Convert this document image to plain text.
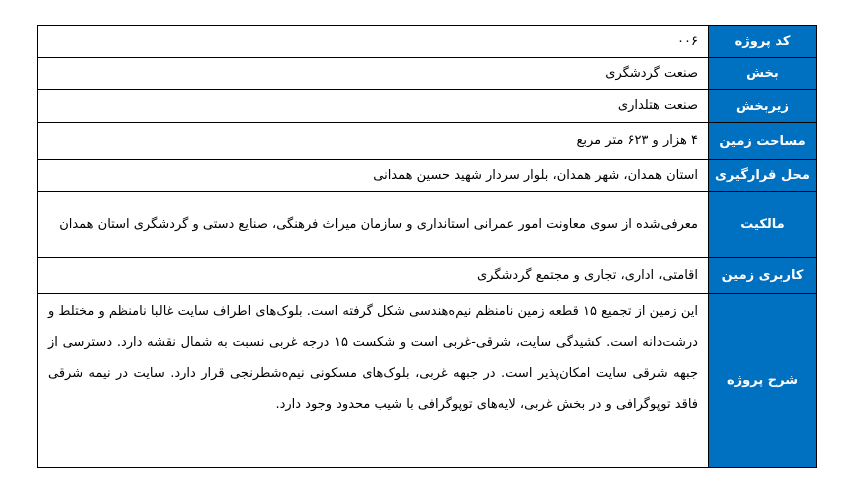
کد پروژه	۰۰۶
بخش	صنعت گردشگری
زیربخش	صنعت هتلداری
مساحت زمین	۴ هزار و ۶۲۳ متر مربع
محل قرارگیری	استان همدان، شهر همدان، بلوار سردار شهید حسین همدانی
مالکیت	معرفی‌شده از سوی معاونت امور عمرانی استانداری و سازمان میراث فرهنگی، صنایع دستی و گردشگری استان همدان
کاربری زمین	اقامتی، اداری، تجاری و مجتمع گردشگری
شرح پروژه	این زمین از تجمیع ۱۵ قطعه زمین نامنظم نیم‌ه‌هندسی شکل گرفته است. بلوک‌های اطراف سایت غالبا نامنظم و مختلط و درشت‌دانه است. کشیدگی سایت، شرقی-غربی است و شکست ۱۵ درجه غربی نسبت به شمال نقشه دارد. دسترسی از جبهه شرقی سایت امکان‌پذیر است. در جبهه غربی، بلوک‌های مسکونی نیم‌ه‌شطرنجی قرار دارد. سایت در نیمه شرقی فاقد توپوگرافی و در بخش غربی، لایه‌های توپوگرافی با شیب محدود وجود دارد.
